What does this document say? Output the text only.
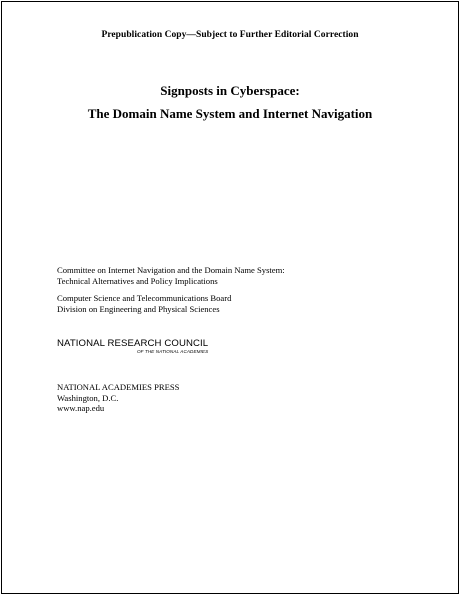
Prepublication Copy—Subject to Further Editorial Correction
Signposts in Cyberspace:
The Domain Name System and Internet Navigation
Committee on Internet Navigation and the Domain Name System:
Technical Alternatives and Policy Implications
Computer Science and Telecommunications Board
Division on Engineering and Physical Sciences
NATIONAL RESEARCH COUNCIL
OF THE NATIONAL ACADEMIES
NATIONAL ACADEMIES PRESS
Washington, D.C.
www.nap.edu
